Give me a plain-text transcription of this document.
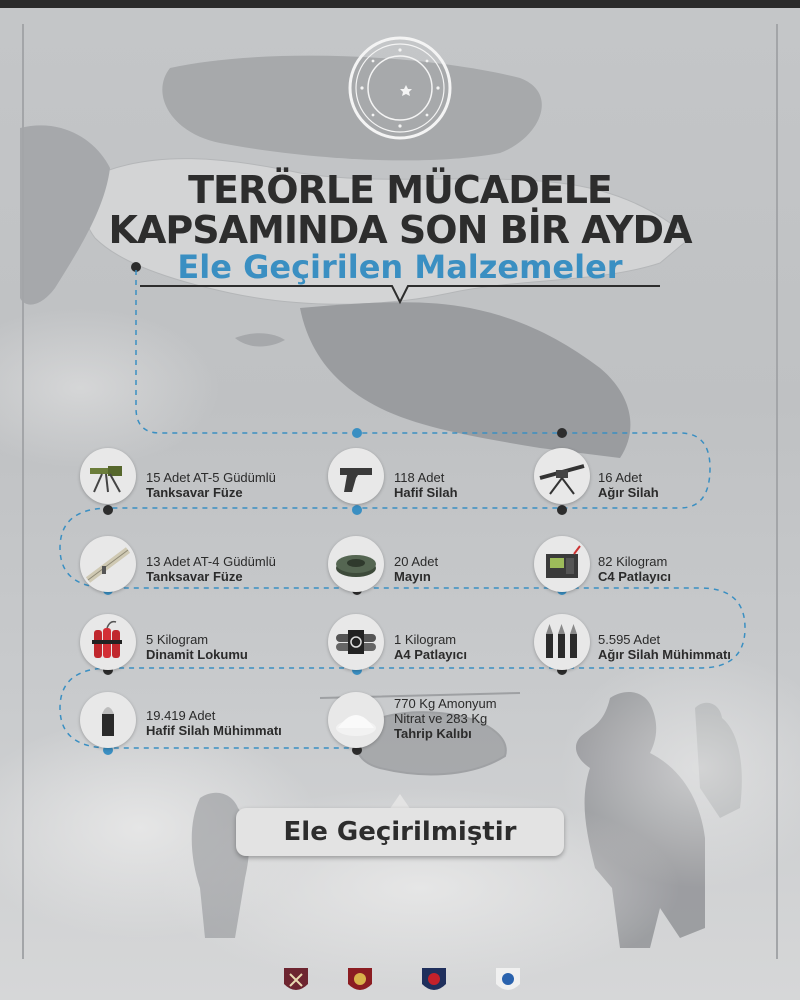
TERÖRLE MÜCADELE
KAPSAMINDA SON BİR AYDA
Ele Geçirilen Malzemeler
15 Adet AT-5 Güdümlü
Tanksavar Füze
118 Adet
Hafif Silah
16 Adet
Ağır Silah
13 Adet AT-4 Güdümlü
Tanksavar Füze
20 Adet
Mayın
82 Kilogram
C4 Patlayıcı
5 Kilogram
Dinamit Lokumu
1 Kilogram
A4 Patlayıcı
5.595 Adet
Ağır Silah Mühimmatı
19.419 Adet
Hafif Silah Mühimmatı
770 Kg Amonyum
Nitrat ve 283 Kg
Tahrip Kalıbı
Ele Geçirilmiştir
